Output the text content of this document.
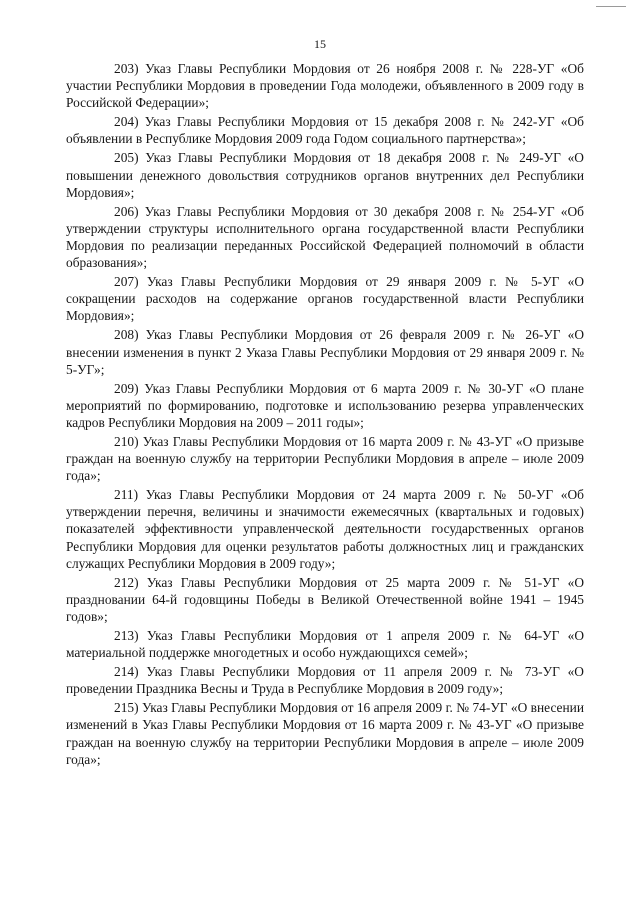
15

203) Указ Главы Республики Мордовия от 26 ноября 2008 г. № 228-УГ «Об участии Республики Мордовия в проведении Года молодежи, объявленного в 2009 году в Российской Федерации»;

204) Указ Главы Республики Мордовия от 15 декабря 2008 г. № 242-УГ «Об объявлении в Республике Мордовия 2009 года Годом социального партнерства»;

205) Указ Главы Республики Мордовия от 18 декабря 2008 г. № 249-УГ «О повышении денежного довольствия сотрудников органов внутренних дел Республики Мордовия»;

206) Указ Главы Республики Мордовия от 30 декабря 2008 г. № 254-УГ «Об утверждении структуры исполнительного органа государственной власти Республики Мордовия по реализации переданных Российской Федерацией полномочий в области образования»;

207) Указ Главы Республики Мордовия от 29 января 2009 г. № 5-УГ «О сокращении расходов на содержание органов государственной власти Республики Мордовия»;

208) Указ Главы Республики Мордовия от 26 февраля 2009 г. № 26-УГ «О внесении изменения в пункт 2 Указа Главы Республики Мордовия от 29 января 2009 г. № 5-УГ»;

209) Указ Главы Республики Мордовия от 6 марта 2009 г. № 30-УГ «О плане мероприятий по формированию, подготовке и использованию резерва управленческих кадров Республики Мордовия на 2009 – 2011 годы»;

210) Указ Главы Республики Мордовия от 16 марта 2009 г. № 43-УГ «О призыве граждан на военную службу на территории Республики Мордовия в апреле – июле 2009 года»;

211) Указ Главы Республики Мордовия от 24 марта 2009 г. № 50-УГ «Об утверждении перечня, величины и значимости ежемесячных (квартальных и годовых) показателей эффективности управленческой деятельности государственных органов Республики Мордовия для оценки результатов работы должностных лиц и гражданских служащих Республики Мордовия в 2009 году»;

212) Указ Главы Республики Мордовия от 25 марта 2009 г. № 51-УГ «О праздновании 64-й годовщины Победы в Великой Отечественной войне 1941 – 1945 годов»;

213) Указ Главы Республики Мордовия от 1 апреля 2009 г. № 64-УГ «О материальной поддержке многодетных и особо нуждающихся семей»;

214) Указ Главы Республики Мордовия от 11 апреля 2009 г. № 73-УГ «О проведении Праздника Весны и Труда в Республике Мордовия в 2009 году»;

215) Указ Главы Республики Мордовия от 16 апреля 2009 г. № 74-УГ «О внесении изменений в Указ Главы Республики Мордовия от 16 марта 2009 г. № 43-УГ «О призыве граждан на военную службу на территории Республики Мордовия в апреле – июле 2009 года»;
